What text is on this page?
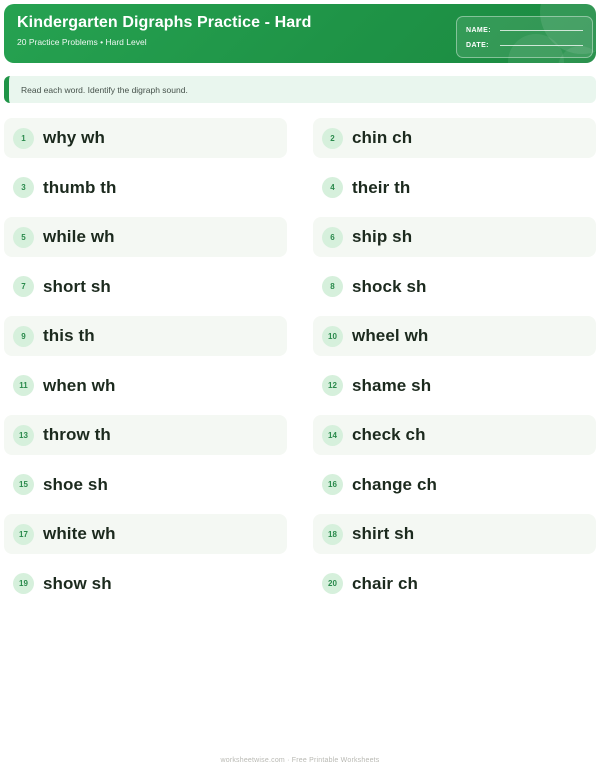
Kindergarten Digraphs Practice - Hard
20 Practice Problems • Hard Level
NAME:
DATE:
Read each word. Identify the digraph sound.
1	why wh	2	chin ch
3	thumb th	4	their th
5	while wh	6	ship sh
7	short sh	8	shock sh
9	this th	10 wheel wh
11 when wh	12 shame sh
13 throw th	14 check ch
15 shoe sh	16 change ch
17 white wh	18 shirt sh
19 show sh	20 chair ch
worksheetwise.com · Free Printable Worksheets
